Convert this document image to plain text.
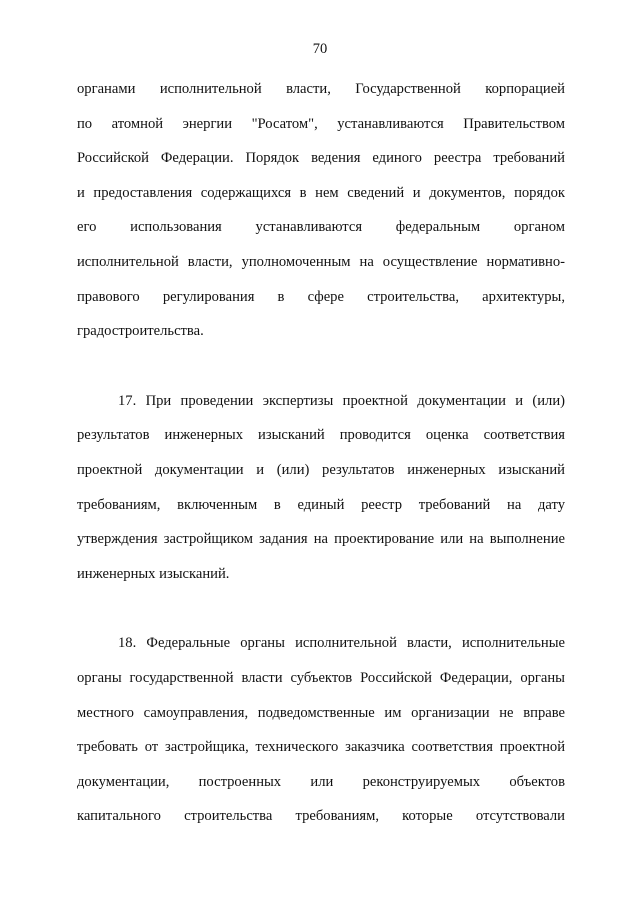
70
органами исполнительной власти, Государственной корпорацией
по атомной энергии "Росатом", устанавливаются Правительством
Российской Федерации. Порядок ведения единого реестра требований
и предоставления содержащихся в нем сведений и документов, порядок
его использования устанавливаются федеральным органом
исполнительной власти, уполномоченным на осуществление нормативно-
правового регулирования в сфере строительства, архитектуры,
градостроительства.
17. При проведении экспертизы проектной документации и (или)
результатов инженерных изысканий проводится оценка соответствия
проектной документации и (или) результатов инженерных изысканий
требованиям, включенным в единый реестр требований на дату
утверждения застройщиком задания на проектирование или на выполнение
инженерных изысканий.
18. Федеральные органы исполнительной власти, исполнительные
органы государственной власти субъектов Российской Федерации, органы
местного самоуправления, подведомственные им организации не вправе
требовать от застройщика, технического заказчика соответствия проектной
документации, построенных или реконструируемых объектов
капитального строительства требованиям, которые отсутствовали
